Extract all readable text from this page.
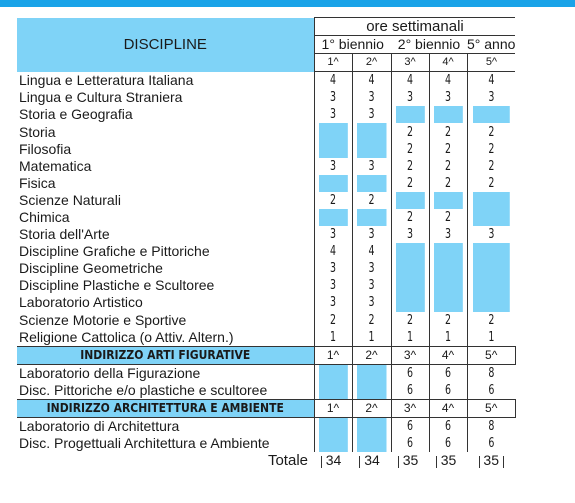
DISCIPLINE	ore settimanali				
	1° biennio		2° biennio		5° anno
	1^	2^	3^	4^	5^
Lingua e Letteratura Italiana	4	4	4	4	4
Lingua e Cultura Straniera	3	3	3	3	3
Storia e Geografia	3	3			
Storia			2	2	2
Filosofia			2	2	2
Matematica	3	3	2	2	2
Fisica			2	2	2
Scienze Naturali	2	2			
Chimica			2	2	
Storia dell'Arte	3	3	3	3	3
Discipline Grafiche e Pittoriche	4	4			
Discipline Geometriche	3	3			
Discipline Plastiche e Scultoree	3	3			
Laboratorio Artistico	3	3			
Scienze Motorie e Sportive	2	2	2	2	2
Religione Cattolica (o Attiv. Altern.)	1	1	1	1	1
INDIRIZZO ARTI FIGURATIVE	1^	2^	3^	4^	5^
Laboratorio della Figurazione			6	6	8
Disc. Pittoriche e/o plastiche e scultoree			6	6	6
INDIRIZZO ARCHITETTURA E AMBIENTE	1^	2^	3^	4^	5^
Laboratorio di Architettura			6	6	8
Disc. Progettuali Architettura e Ambiente			6	6	6
Totale	34	34	35	35	35
